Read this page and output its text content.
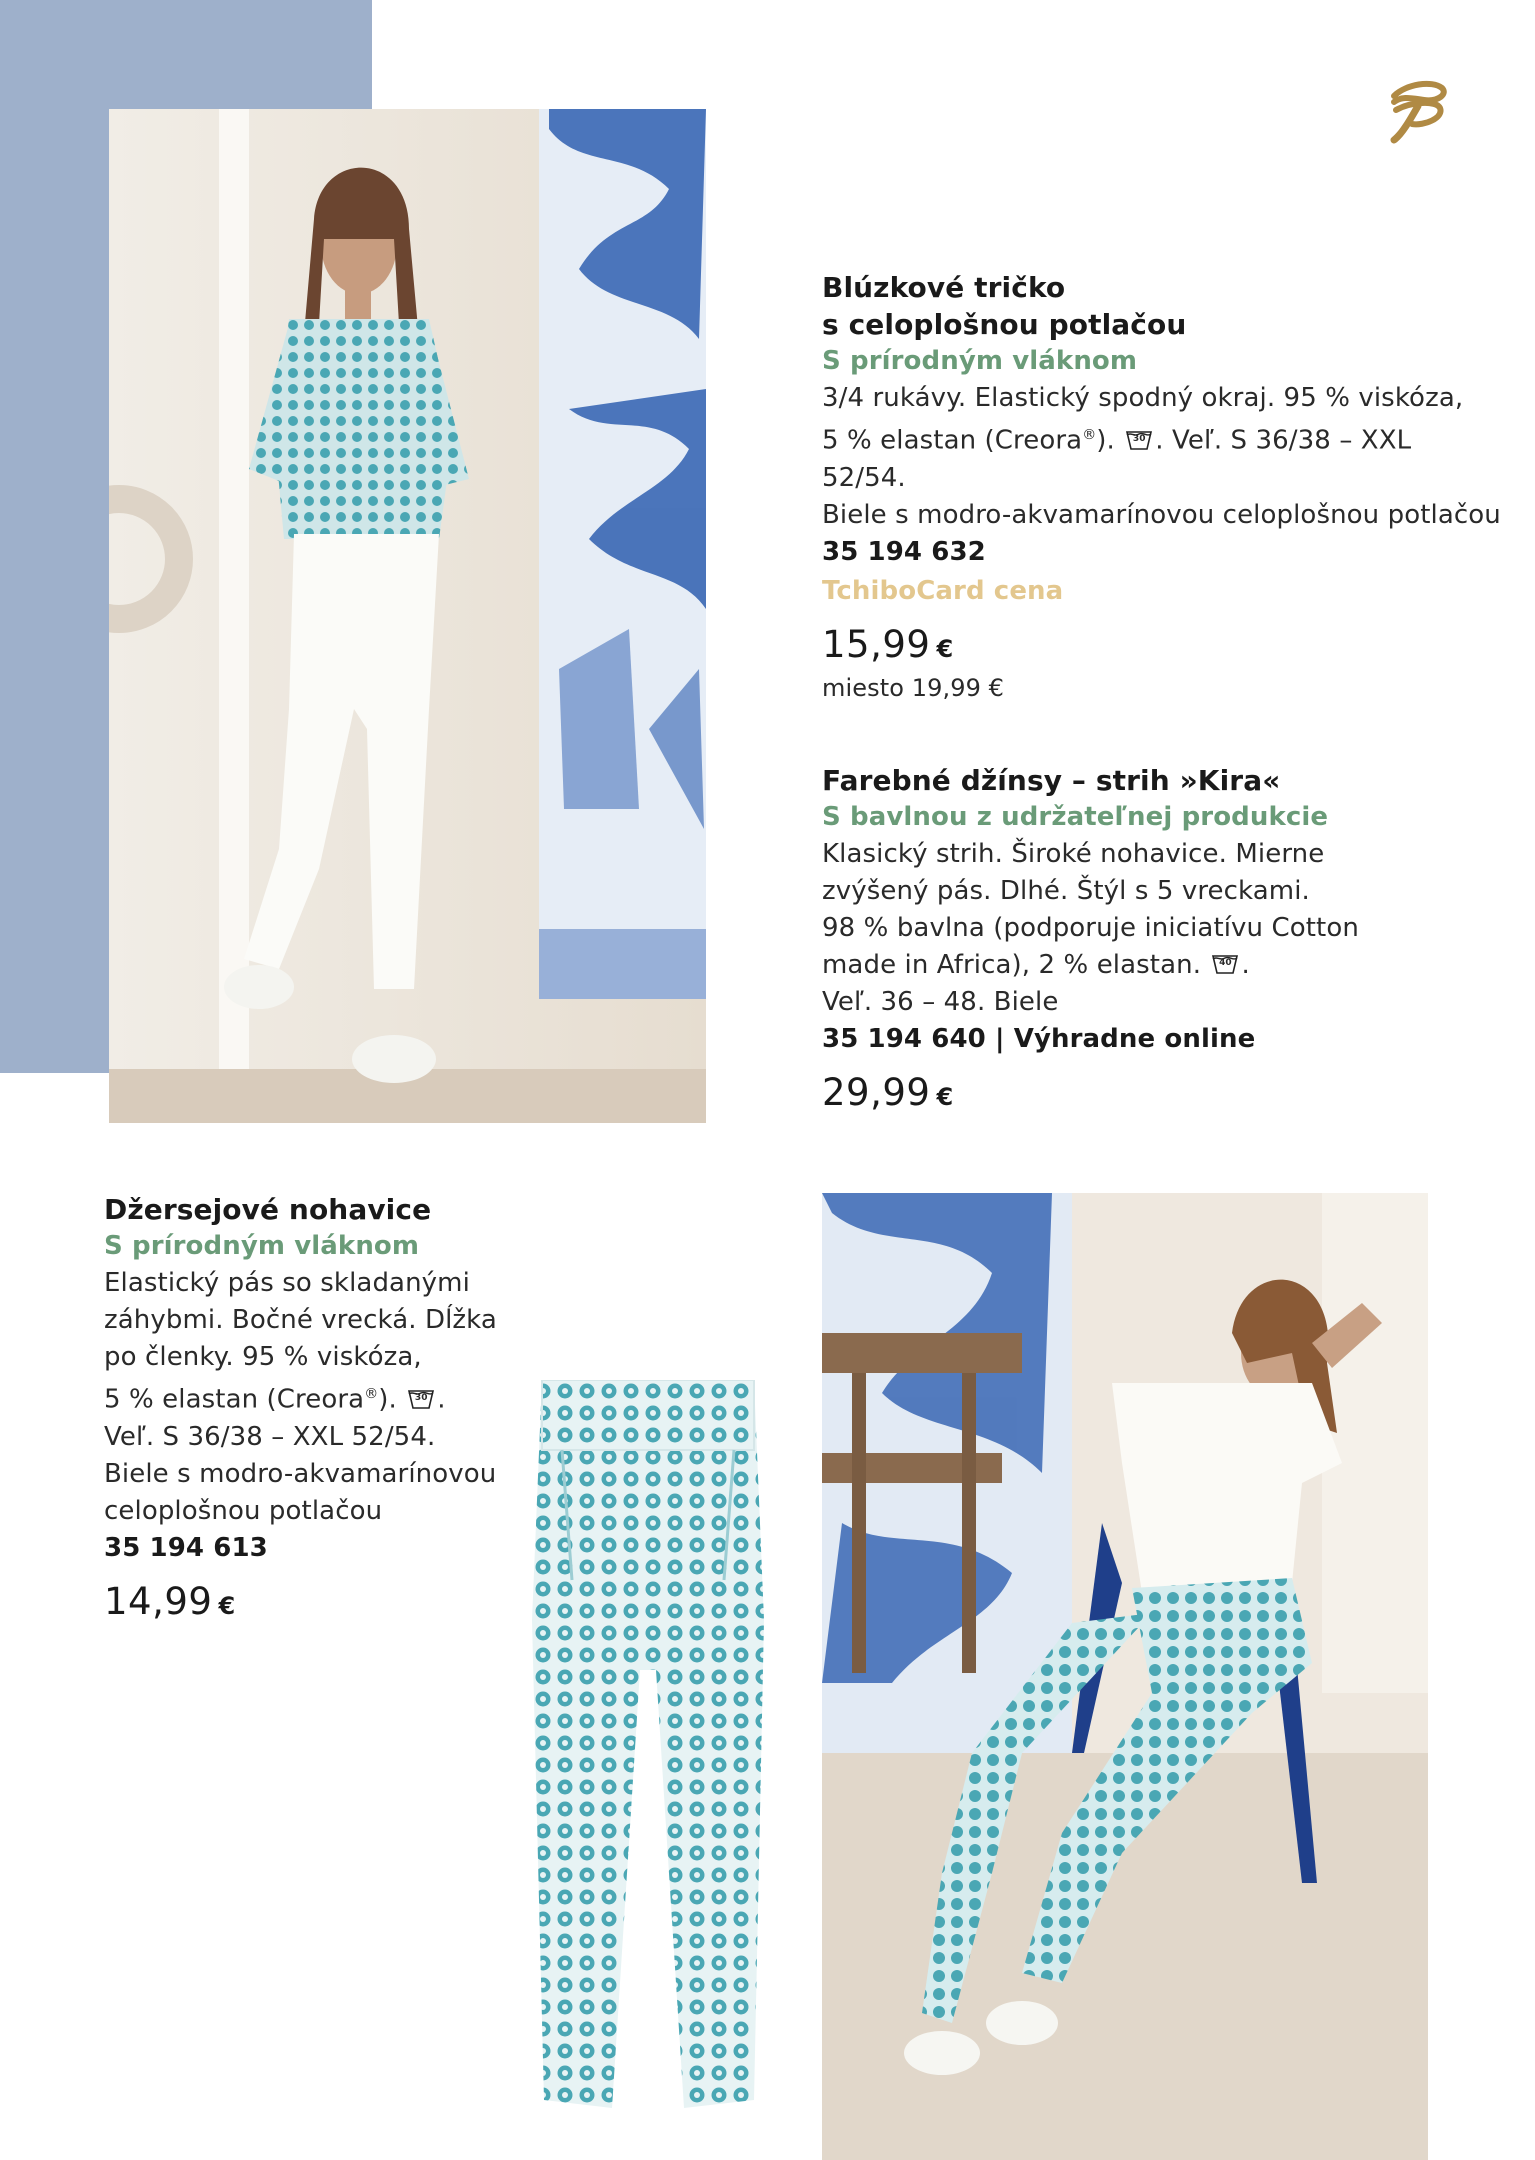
Blúzkové tričko
s celoplošnou potlačou
S prírodným vláknom
3/4 rukávy. Elastický spodný okraj. 95 % viskóza,
5 % elastan (Creora®).	30 . Veľ. S 36/38 – XXL 52/54.
Biele s modro-akvamarínovou celoplošnou potlačou
35 194 632
TchiboCard cena
15,99 €
miesto 19,99 €
Farebné džínsy – strih »Kira«
S bavlnou z udržateľnej produkcie
Klasický strih. Široké nohavice. Mierne
zvýšený pás. Dlhé. Štýl s 5 vreckami.
98 % bavlna (podporuje iniciatívu Cotton
made in Africa), 2 % elastan.	40 .
Veľ. 36 – 48. Biele
35 194 640 | Výhradne online
29,99 €
Džersejové nohavice
S prírodným vláknom
Elastický pás so skladanými
záhybmi. Bočné vrecká. Dĺžka
po členky. 95 % viskóza,
5 % elastan (Creora®).	30 .
Veľ. S 36/38 – XXL 52/54.
Biele s modro-akvamarínovou
celoplošnou potlačou
35 194 613
14,99 €
